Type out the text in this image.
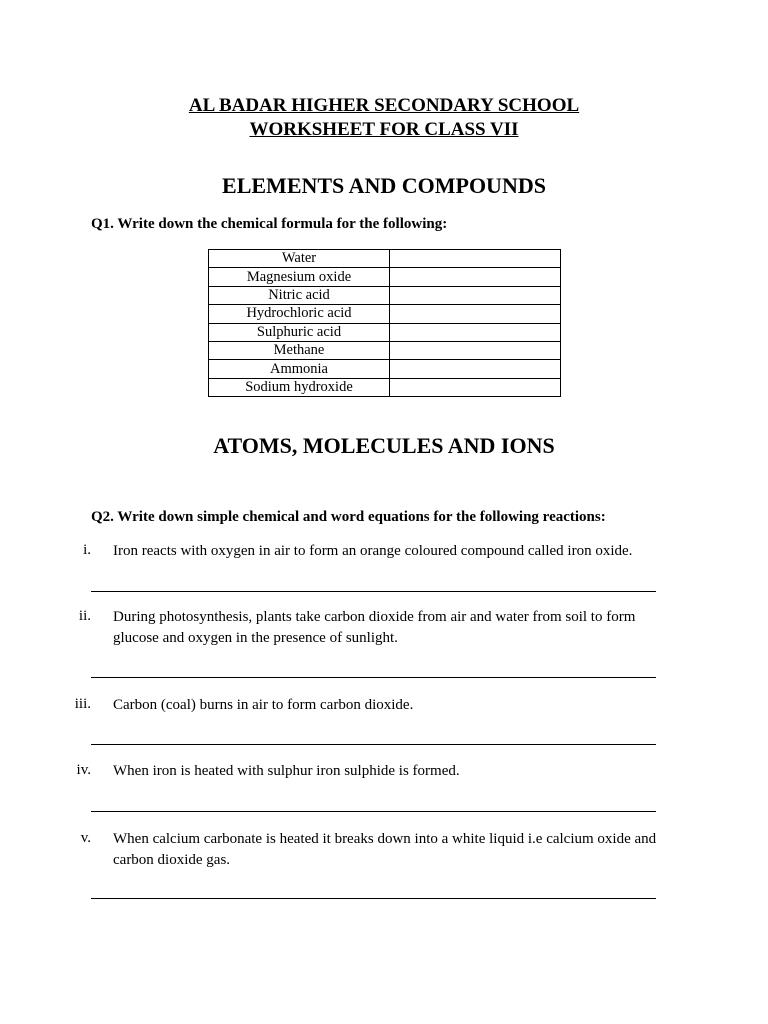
AL BADAR HIGHER SECONDARY SCHOOL
WORKSHEET FOR CLASS VII
ELEMENTS AND COMPOUNDS
Q1. Write down the chemical formula for the following:
Water	
Magnesium oxide	
Nitric acid	
Hydrochloric acid	
Sulphuric acid	
Methane	
Ammonia	
Sodium hydroxide	
ATOMS, MOLECULES AND IONS
Q2. Write down simple chemical and word equations for the following reactions:
i. Iron reacts with oxygen in air to form an orange coloured compound called iron oxide.
ii. During photosynthesis, plants take carbon dioxide from air and water from soil to form glucose and oxygen in the presence of sunlight.
iii. Carbon (coal) burns in air to form carbon dioxide.
iv. When iron is heated with sulphur iron sulphide is formed.
v. When calcium carbonate is heated it breaks down into a white liquid i.e calcium oxide and carbon dioxide gas.
